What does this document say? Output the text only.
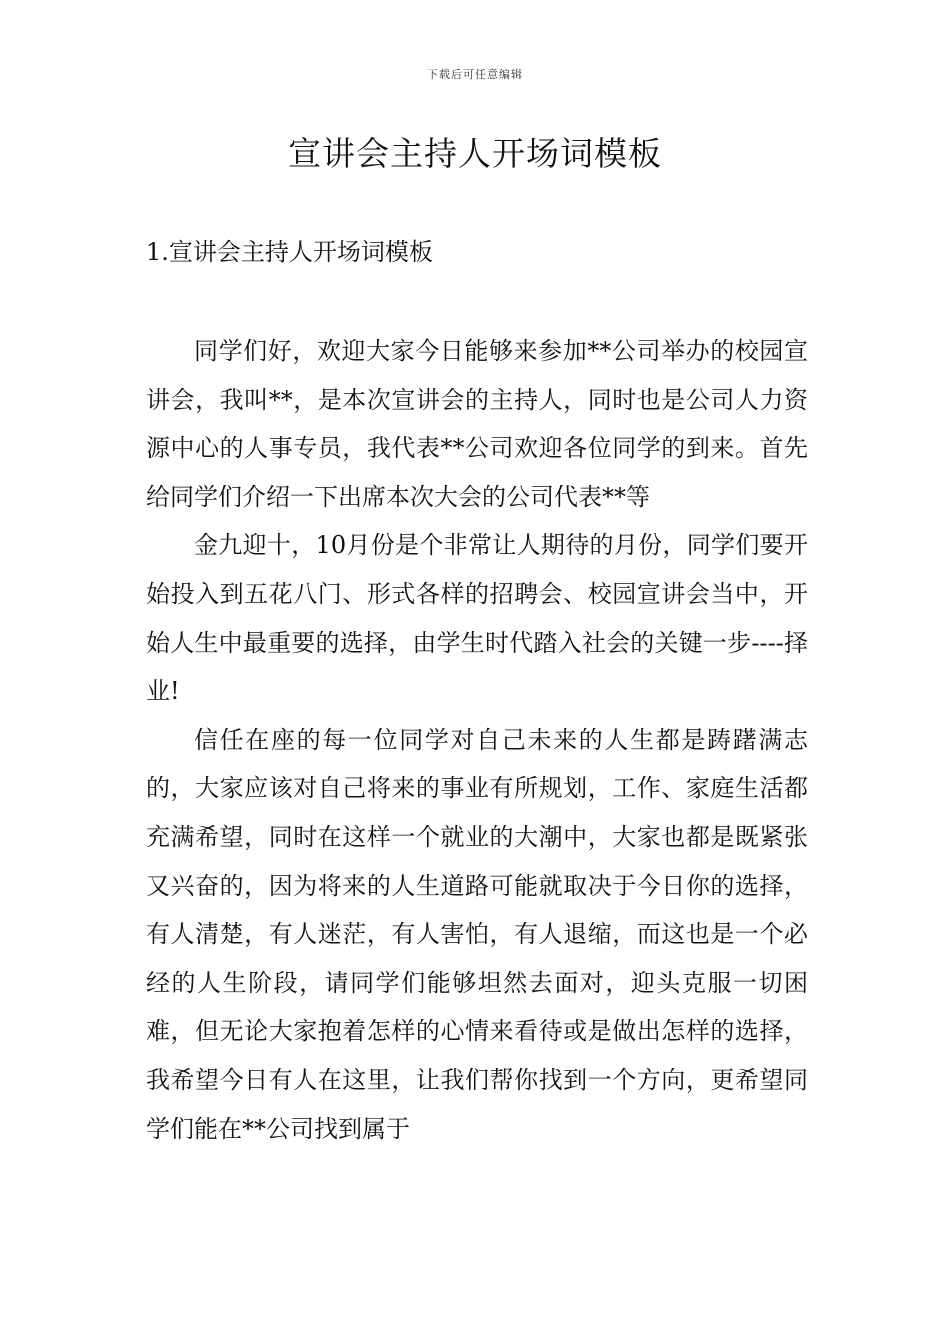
下载后可任意编辑
宣讲会主持人开场词模板
1.宣讲会主持人开场词模板

同学们好，欢迎大家今日能够来参加**公司举办的校园宣讲会，我叫**，是本次宣讲会的主持人，同时也是公司人力资源中心的人事专员，我代表**公司欢迎各位同学的到来。首先给同学们介绍一下出席本次大会的公司代表**等

金九迎十，10月份是个非常让人期待的月份，同学们要开始投入到五花八门、形式各样的招聘会、校园宣讲会当中，开始人生中最重要的选择，由学生时代踏入社会的关键一步----择业!

信任在座的每一位同学对自己未来的人生都是踌躇满志的，大家应该对自己将来的事业有所规划，工作、家庭生活都充满希望，同时在这样一个就业的大潮中，大家也都是既紧张又兴奋的，因为将来的人生道路可能就取决于今日你的选择，有人清楚，有人迷茫，有人害怕，有人退缩，而这也是一个必经的人生阶段，请同学们能够坦然去面对，迎头克服一切困难，但无论大家抱着怎样的心情来看待或是做出怎样的选择，我希望今日有人在这里，让我们帮你找到一个方向，更希望同学们能在**公司找到属于
